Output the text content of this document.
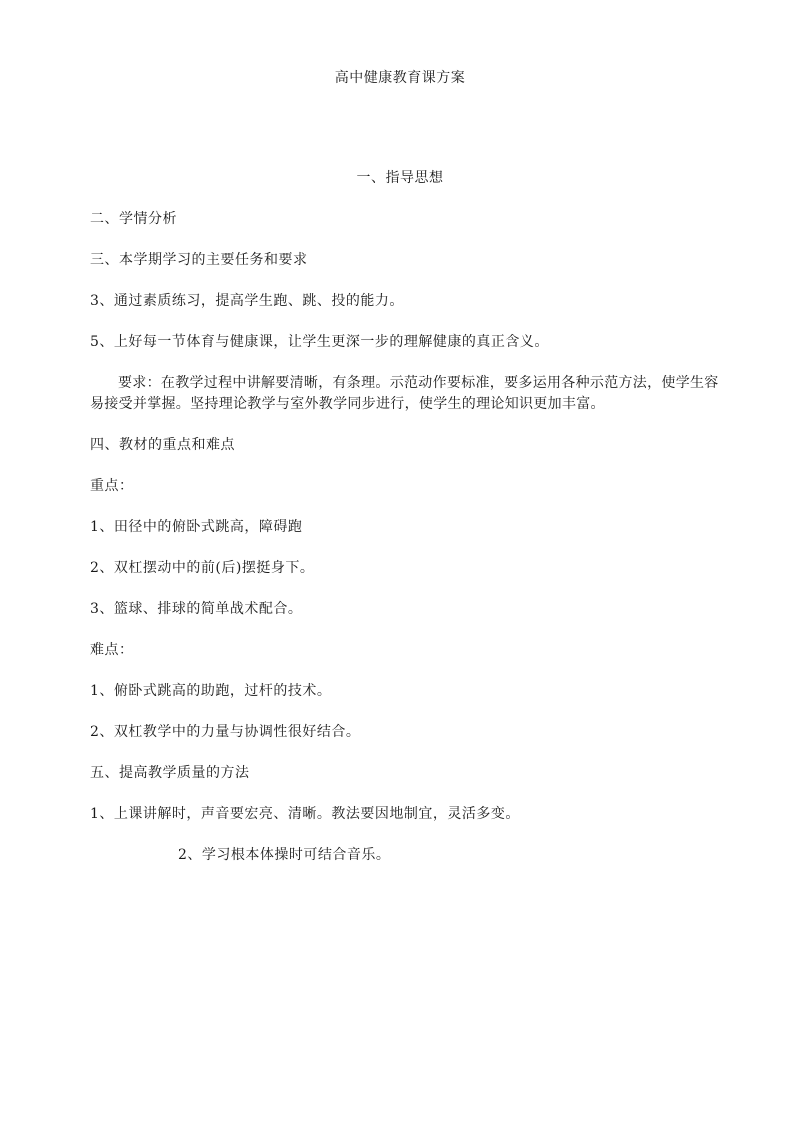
高中健康教育课方案
一、指导思想
二、学情分析
三、本学期学习的主要任务和要求
3、通过素质练习，提高学生跑、跳、投的能力。
5、上好每一节体育与健康课，让学生更深一步的理解健康的真正含义。
要求：在教学过程中讲解要清晰，有条理。示范动作要标准，要多运用各种示范方法，使学生容易接受并掌握。坚持理论教学与室外教学同步进行，使学生的理论知识更加丰富。
四、教材的重点和难点
重点：
1、田径中的俯卧式跳高，障碍跑
2、双杠摆动中的前(后)摆挺身下。
3、篮球、排球的简单战术配合。
难点：
1、俯卧式跳高的助跑，过杆的技术。
2、双杠教学中的力量与协调性很好结合。
五、提高教学质量的方法
1、上课讲解时，声音要宏亮、清晰。教法要因地制宜，灵活多变。
2、学习根本体操时可结合音乐。
